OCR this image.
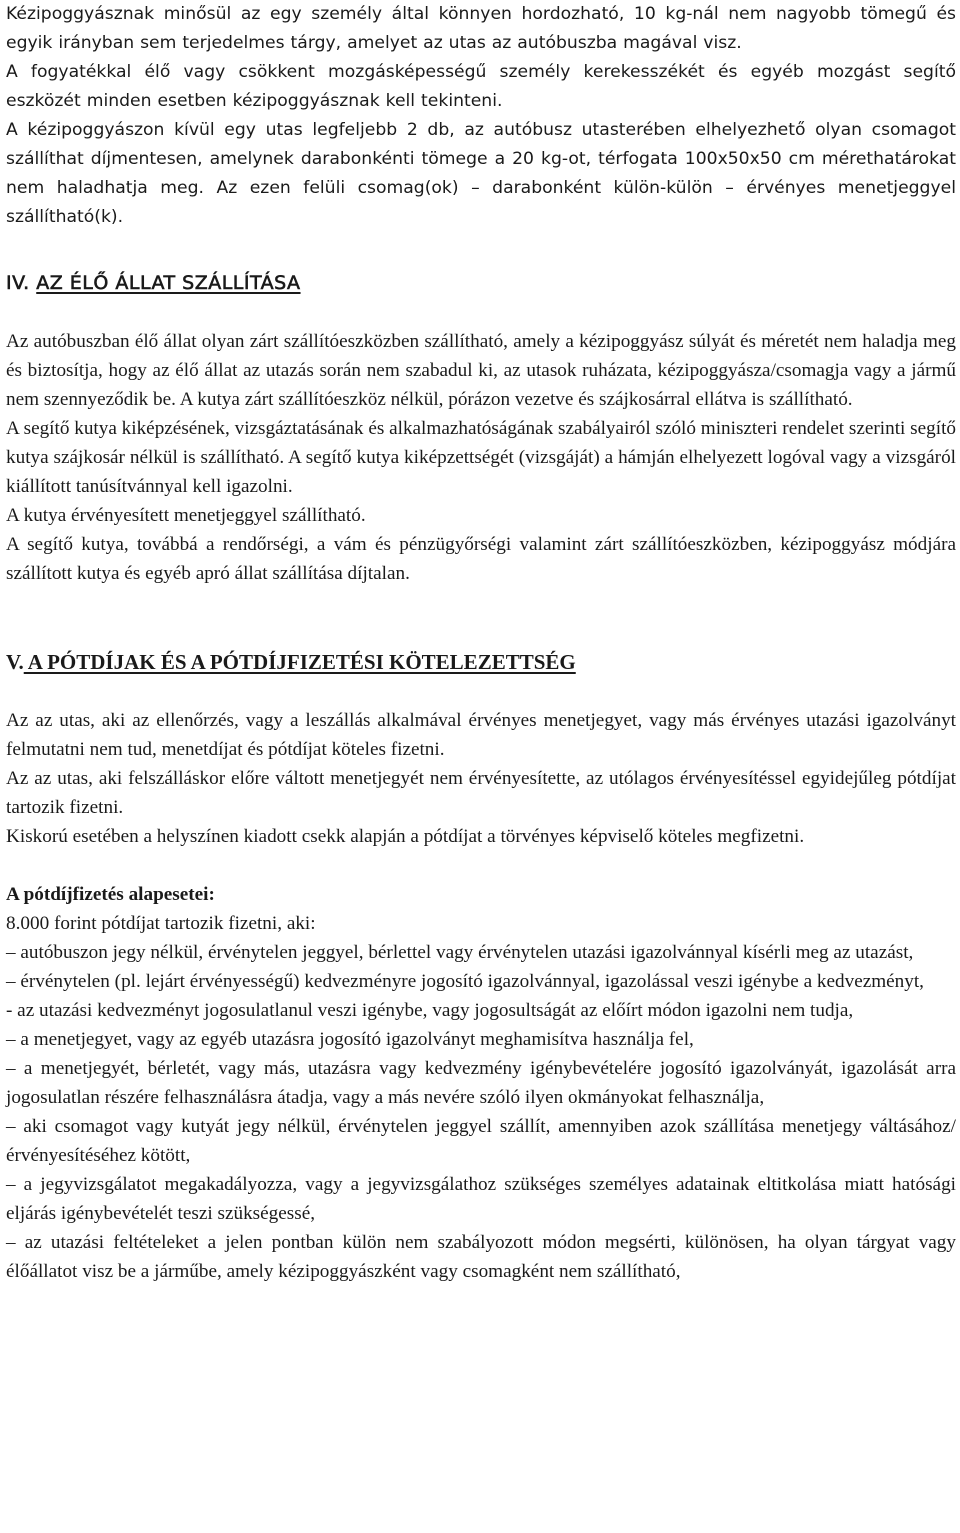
Kézipoggyásznak minősül az egy személy által könnyen hordozható, 10 kg-nál nem nagyobb tömegű és egyik irányban sem terjedelmes tárgy, amelyet az utas az autóbuszba magával visz.

A fogyatékkal élő vagy csökkent mozgásképességű személy kerekesszékét és egyéb mozgást segítő eszközét minden esetben kézipoggyásznak kell tekinteni.

A kézipoggyászon kívül egy utas legfeljebb 2 db, az autóbusz utasterében elhelyezhető olyan csomagot szállíthat díjmentesen, amelynek darabonkénti tömege a 20 kg-ot, térfogata 100x50x50 cm mérethatárokat nem haladhatja meg. Az ezen felüli csomag(ok) – darabonként külön-külön – érvényes menetjeggyel szállítható(k).

IV. AZ ÉLŐ ÁLLAT SZÁLLÍTÁSA

Az autóbuszban élő állat olyan zárt szállítóeszközben szállítható, amely a kézipoggyász súlyát és méretét nem haladja meg és biztosítja, hogy az élő állat az utazás során nem szabadul ki, az utasok ruházata, kézipoggyásza/csomagja vagy a jármű nem szennyeződik be. A kutya zárt szállítóeszköz nélkül, pórázon vezetve és szájkosárral ellátva is szállítható.

A segítő kutya kiképzésének, vizsgáztatásának és alkalmazhatóságának szabályairól szóló miniszteri rendelet szerinti segítő kutya szájkosár nélkül is szállítható. A segítő kutya kiképzettségét (vizsgáját) a hámján elhelyezett logóval vagy a vizsgáról kiállított tanúsítvánnyal kell igazolni.

A kutya érvényesített menetjeggyel szállítható.

A segítő kutya, továbbá a rendőrségi, a vám és pénzügyőrségi valamint zárt szállítóeszközben, kézipoggyász módjára szállított kutya és egyéb apró állat szállítása díjtalan.

V. A PÓTDÍJAK ÉS A PÓTDÍJFIZETÉSI KÖTELEZETTSÉG

Az az utas, aki az ellenőrzés, vagy a leszállás alkalmával érvényes menetjegyet, vagy más érvényes utazási igazolványt felmutatni nem tud, menetdíjat és pótdíjat köteles fizetni.

Az az utas, aki felszálláskor előre váltott menetjegyét nem érvényesítette, az utólagos érvényesítéssel egyidejűleg pótdíjat tartozik fizetni.

Kiskorú esetében a helyszínen kiadott csekk alapján a pótdíjat a törvényes képviselő köteles megfizetni.

A pótdíjfizetés alapesetei:

8.000 forint pótdíjat tartozik fizetni, aki:

– autóbuszon jegy nélkül, érvénytelen jeggyel, bérlettel vagy érvénytelen utazási igazolvánnyal kísérli meg az utazást,

– érvénytelen (pl. lejárt érvényességű) kedvezményre jogosító igazolvánnyal, igazolással veszi igénybe a kedvezményt,

- az utazási kedvezményt jogosulatlanul veszi igénybe, vagy jogosultságát az előírt módon igazolni nem tudja,

– a menetjegyet, vagy az egyéb utazásra jogosító igazolványt meghamisítva használja fel,

– a menetjegyét, bérletét, vagy más, utazásra vagy kedvezmény igénybevételére jogosító igazolványát, igazolását arra jogosulatlan részére felhasználásra átadja, vagy a más nevére szóló ilyen okmányokat felhasználja,

– aki csomagot vagy kutyát jegy nélkül, érvénytelen jeggyel szállít, amennyiben azok szállítása menetjegy váltásához/érvényesítéséhez kötött,

– a jegyvizsgálatot megakadályozza, vagy a jegyvizsgálathoz szükséges személyes adatainak eltitkolása miatt hatósági eljárás igénybevételét teszi szükségessé,

– az utazási feltételeket a jelen pontban külön nem szabályozott módon megsérti, különösen, ha olyan tárgyat vagy élőállatot visz be a járműbe, amely kézipoggyászként vagy csomagként nem szállítható,
